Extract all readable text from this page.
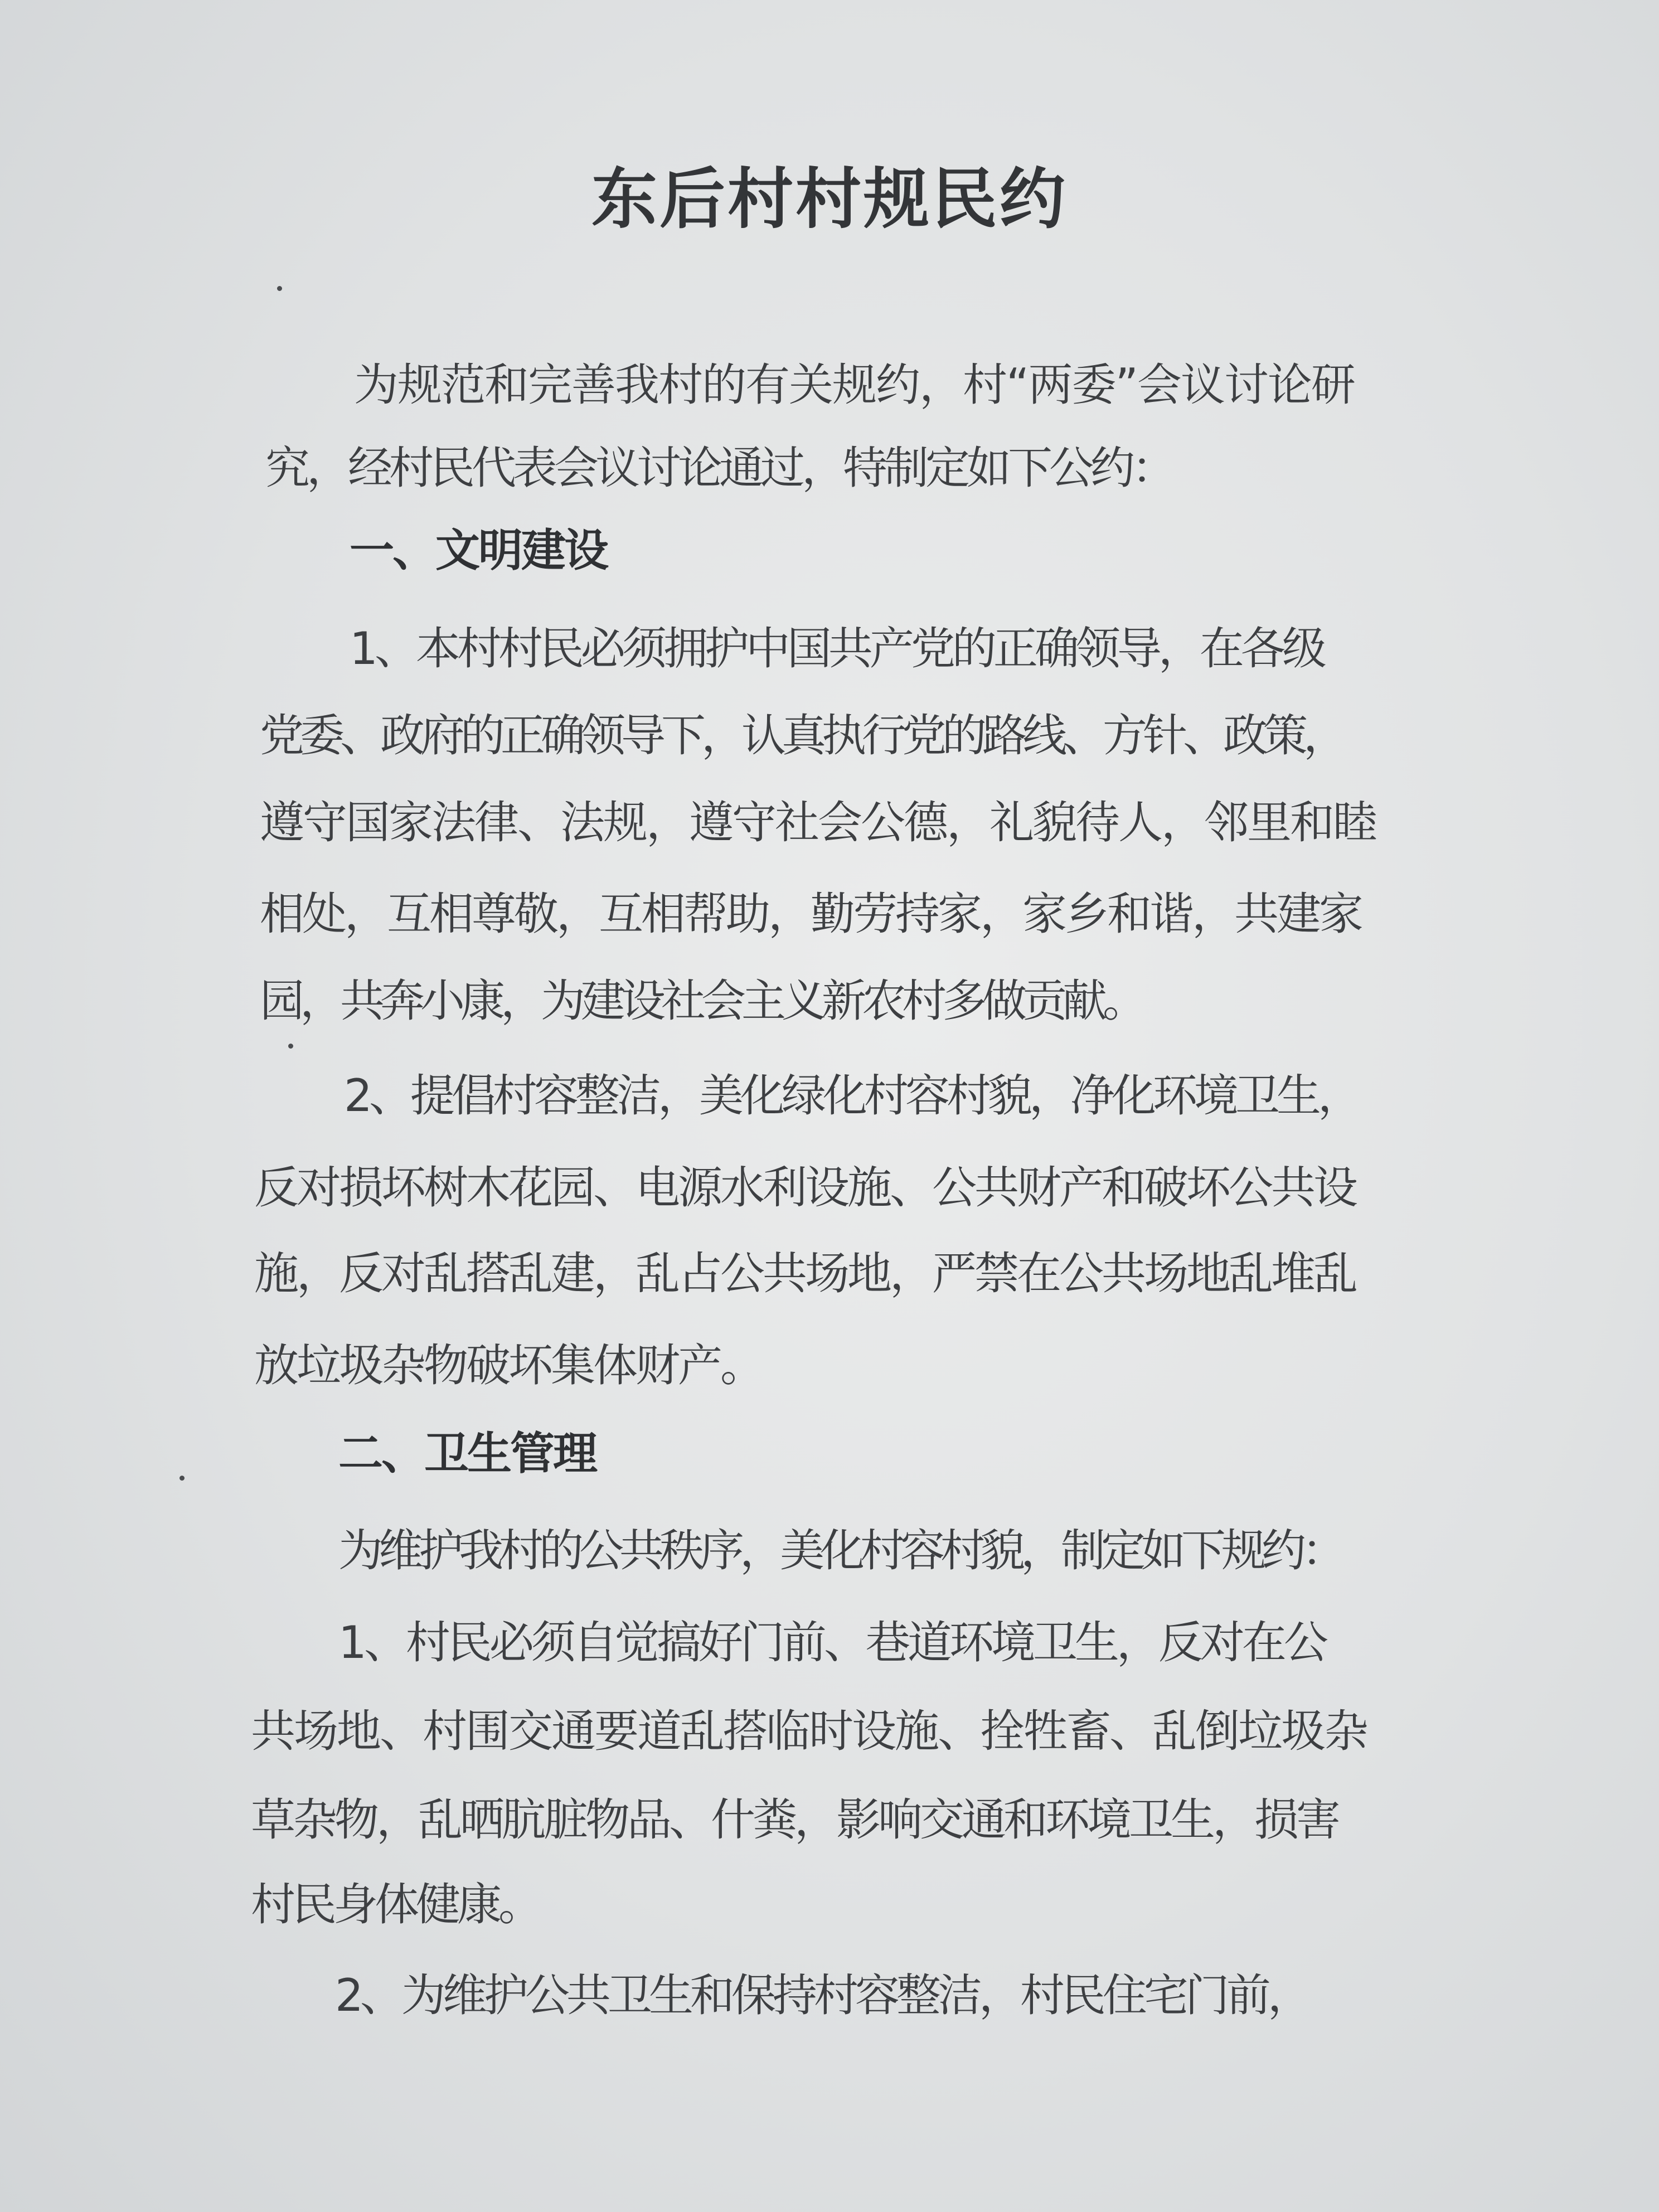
东后村村规民约
为规范和完善我村的有关规约，村“两委”会议讨论研
究，经村民代表会议讨论通过，特制定如下公约：
一、文明建设
1、本村村民必须拥护中国共产党的正确领导，在各级
党委、政府的正确领导下，认真执行党的路线、方针、政策，
遵守国家法律、法规，遵守社会公德，礼貌待人，邻里和睦
相处，互相尊敬，互相帮助，勤劳持家，家乡和谐，共建家
园，共奔小康，为建设社会主义新农村多做贡献。
2、提倡村容整洁，美化绿化村容村貌，净化环境卫生，
反对损坏树木花园、电源水利设施、公共财产和破坏公共设
施，反对乱搭乱建，乱占公共场地，严禁在公共场地乱堆乱
放垃圾杂物破坏集体财产。
二、卫生管理
为维护我村的公共秩序，美化村容村貌，制定如下规约：
1、村民必须自觉搞好门前、巷道环境卫生，反对在公
共场地、村围交通要道乱搭临时设施、拴牲畜、乱倒垃圾杂
草杂物，乱晒肮脏物品、什粪，影响交通和环境卫生，损害
村民身体健康。
2、为维护公共卫生和保持村容整洁，村民住宅门前，
